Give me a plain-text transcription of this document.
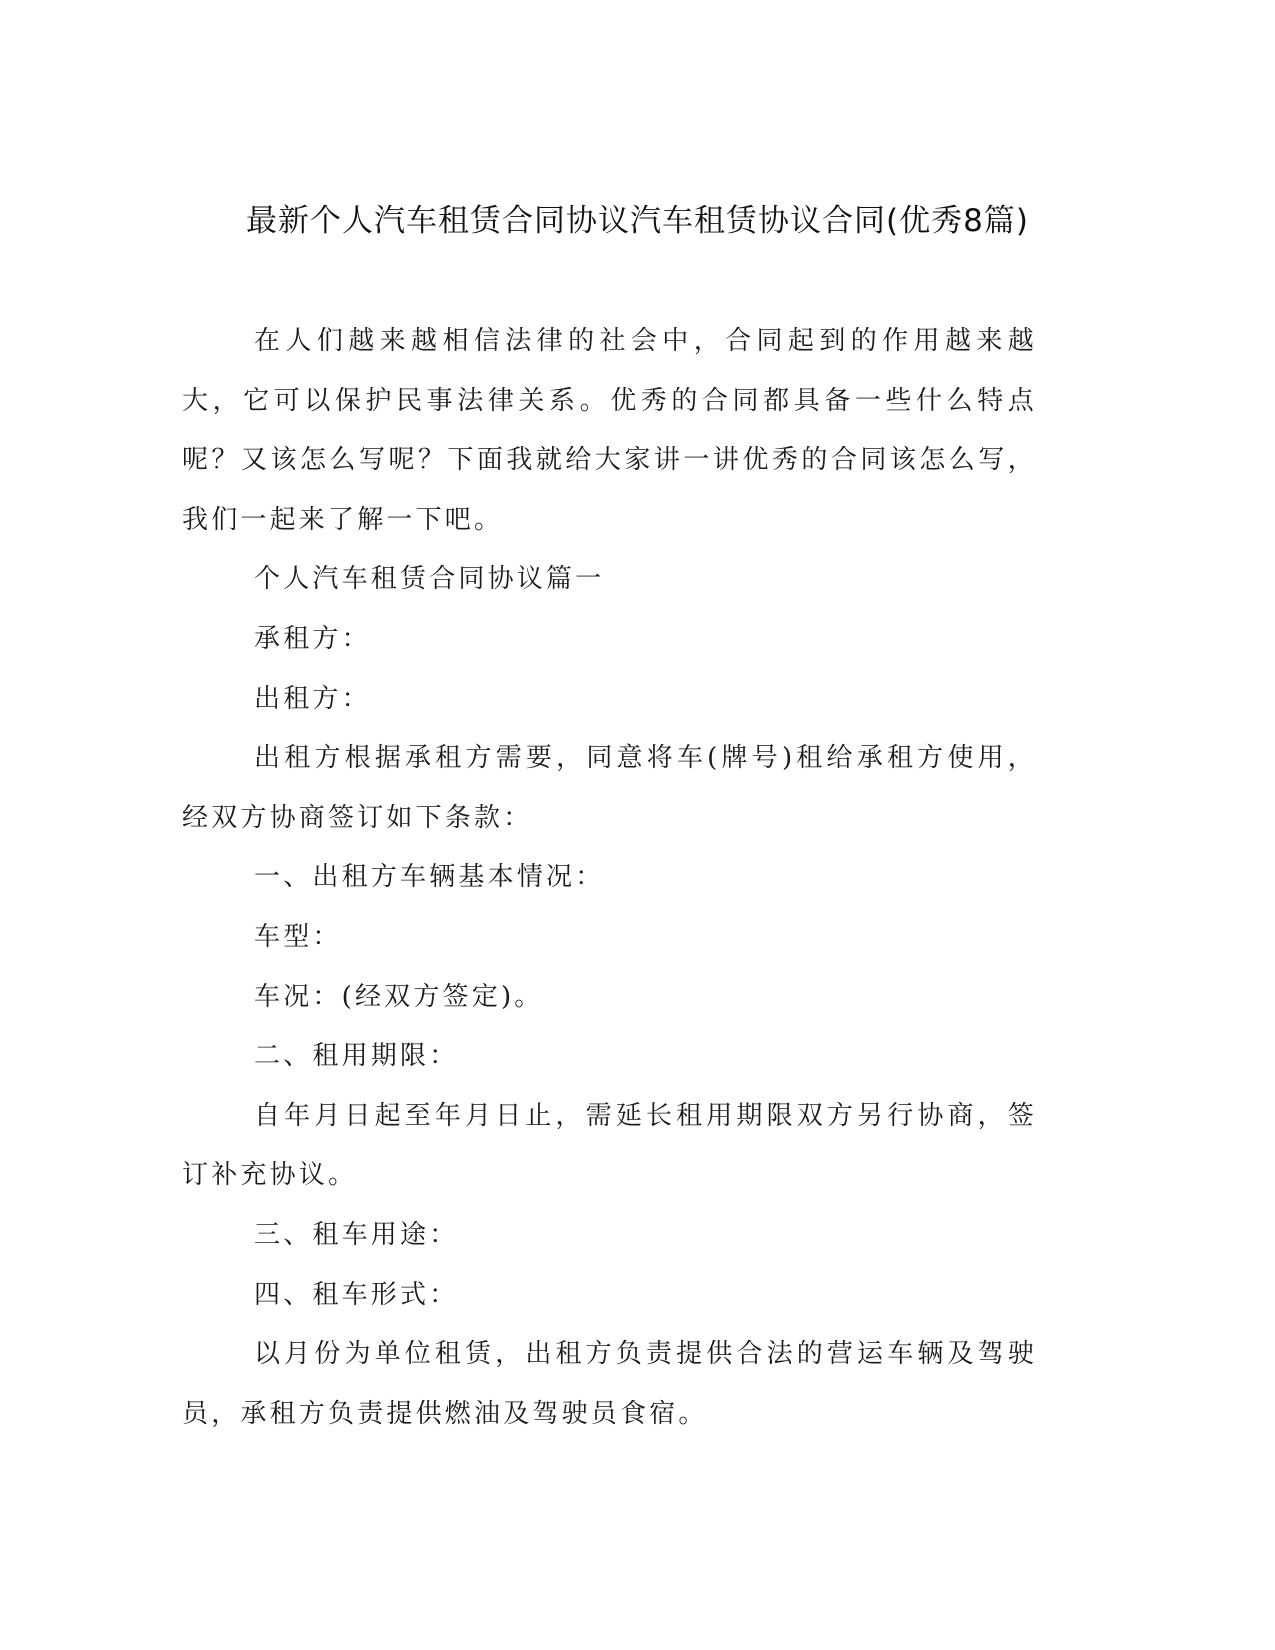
最新个人汽车租赁合同协议汽车租赁协议合同(优秀8篇)

在人们越来越相信法律的社会中，合同起到的作用越来越大，它可以保护民事法律关系。优秀的合同都具备一些什么特点呢？又该怎么写呢？下面我就给大家讲一讲优秀的合同该怎么写，我们一起来了解一下吧。

个人汽车租赁合同协议篇一

承租方：

出租方：

出租方根据承租方需要，同意将车(牌号)租给承租方使用，经双方协商签订如下条款：

一、出租方车辆基本情况：

车型：

车况：(经双方签定)。

二、租用期限：

自年月日起至年月日止，需延长租用期限双方另行协商，签订补充协议。

三、租车用途：

四、租车形式：

以月份为单位租赁，出租方负责提供合法的营运车辆及驾驶员，承租方负责提供燃油及驾驶员食宿。
